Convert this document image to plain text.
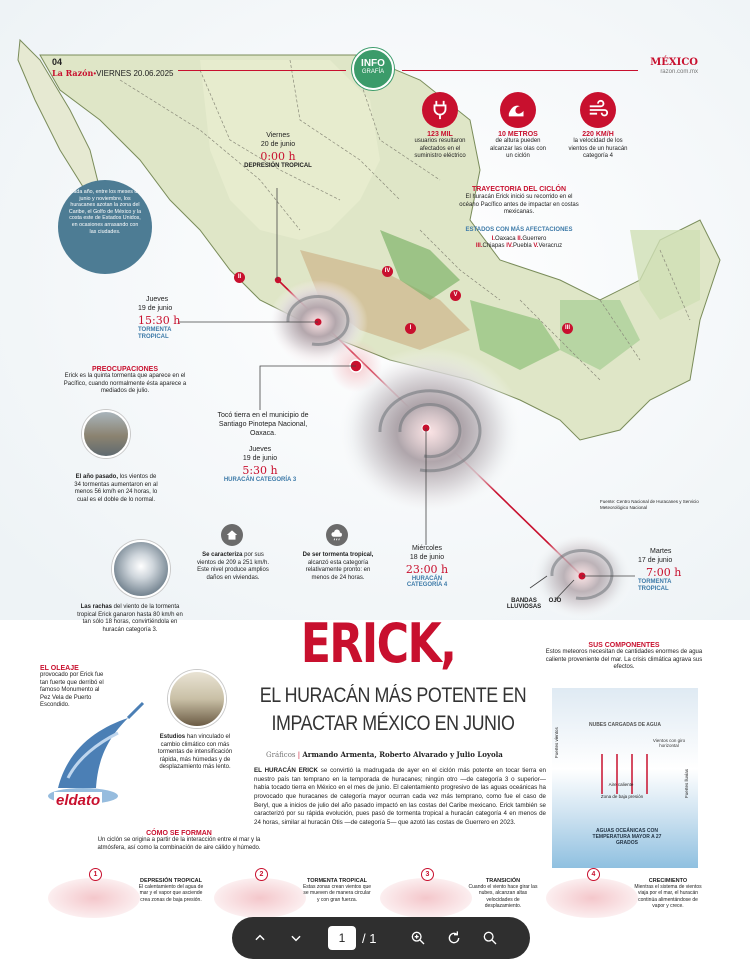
II
IV
V
I	III
04
La Razón•VIERNES 20.06.2025
MÉXICO
razon.com.mx
INFO
GRAFÍA
123 MIL
usuarios resultaron afectados en el suministro eléctrico
10 METROS
de altura pueden alcanzar las olas con un ciclón
220 KM/H
la velocidad de los vientos de un huracán categoría 4
TRAYECTORIA DEL CICLÓN
El huracán Erick inició su recorrido en el océano Pacífico antes de impactar en costas mexicanas.
ESTADOS CON MÁS AFECTACIONES
I.Oaxaca II.Guerrero
III.Chiapas IV.Puebla V.Veracruz
Cada año, entre los meses de junio y noviembre, los huracanes azotan la zona del Caribe, el Golfo de México y la costa este de Estados Unidos, en ocasiones arrasando con las ciudades.
Viernes
20 de junio
0:00 h
DEPRESIÓN TROPICAL
Jueves
19 de junio
15:30 h
TORMENTA TROPICAL
Tocó tierra en el municipio de Santiago Pinotepa Nacional, Oaxaca.
Jueves
19 de junio
5:30 h
HURACÁN CATEGORÍA 3
Miércoles
18 de junio
23:00 h
HURACÁN CATEGORÍA 4
Martes
17 de junio
7:00 h
TORMENTA TROPICAL
BANDAS LLUVIOSAS
OJO
Fuente: Centro Nacional de Huracanes y Servicio Meteorológico Nacional
PREOCUPACIONES
Erick es la quinta tormenta que aparece en el Pacífico, cuando normalmente ésta aparece a mediados de julio.
El año pasado, los vientos de 34 tormentas aumentaron en al menos 56 km/h en 24 horas, lo cual es el doble de lo normal.
Las rachas del viento de la tormenta tropical Erick ganaron hasta 80 km/h en tan sólo 18 horas, convirtiéndola en huracán categoría 3.
Se caracteriza por sus vientos de 209 a 251 km/h. Este nivel produce amplios daños en viviendas.
De ser tormenta tropical, alcanzó esta categoría relativamente pronto: en menos de 24 horas.
ERICK,
EL HURACÁN MÁS POTENTE EN
IMPACTAR MÉXICO EN JUNIO
Gráficos | Armando Armenta, Roberto Alvarado y Julio Loyola
EL HURACÁN ERICK se convirtió la madrugada de ayer en el ciclón más potente en tocar tierra en nuestro país tan temprano en la temporada de huracanes; ningún otro —de categoría 3 o superior— había tocado tierra en México en el mes de junio. El calentamiento progresivo de las aguas oceánicas ha provocado que huracanes de categoría mayor ocurran cada vez más temprano, como fue el caso de Beryl, que a inicios de julio del año pasado impactó en las costas del Caribe mexicano. Erick también se caracterizó por su rápida evolución, pues pasó de tormenta tropical a huracán categoría 4 en menos de 24 horas, similar al huracán Otis —de categoría 5— que azotó las costas de Guerrero en 2023.
EL OLEAJE
provocado por Erick fue tan fuerte que derribó el famoso Monumento al Pez Vela de Puerto Escondido.
eldato
Estudios han vinculado el cambio climático con más tormentas de intensificación rápida, más húmedas y de desplazamiento más lento.
SUS COMPONENTES
Estos meteoros necesitan de cantidades enormes de agua caliente proveniente del mar. La crisis climática agrava sus efectos.
NUBES CARGADAS DE AGUA
Vientos con giro horizontal
Aire caliente
Zona de baja presión
Fuertes vientos
Fuertes lluvias
AGUAS OCEÁNICAS CON TEMPERATURA MAYOR A 27 GRADOS
CÓMO SE FORMAN
Un ciclón se origina a partir de la interacción entre el mar y la atmósfera, así como la combinación de aire cálido y húmedo.
1
DEPRESIÓN TROPICAL
El calentamiento del agua de mar y el vapor que asciende crea zonas de baja presión.
2
TORMENTA TROPICAL
Estas zonas crean vientos que se mueven de manera circular y con gran fuerza.
3
TRANSICIÓN
Cuando el viento hace girar las nubes, alcanzan altas velocidades de desplazamiento.
4
CRECIMIENTO
Mientras el sistema de vientos viaja por el mar, el huracán continúa alimentándose de vapor y crece.
1	/ 1
